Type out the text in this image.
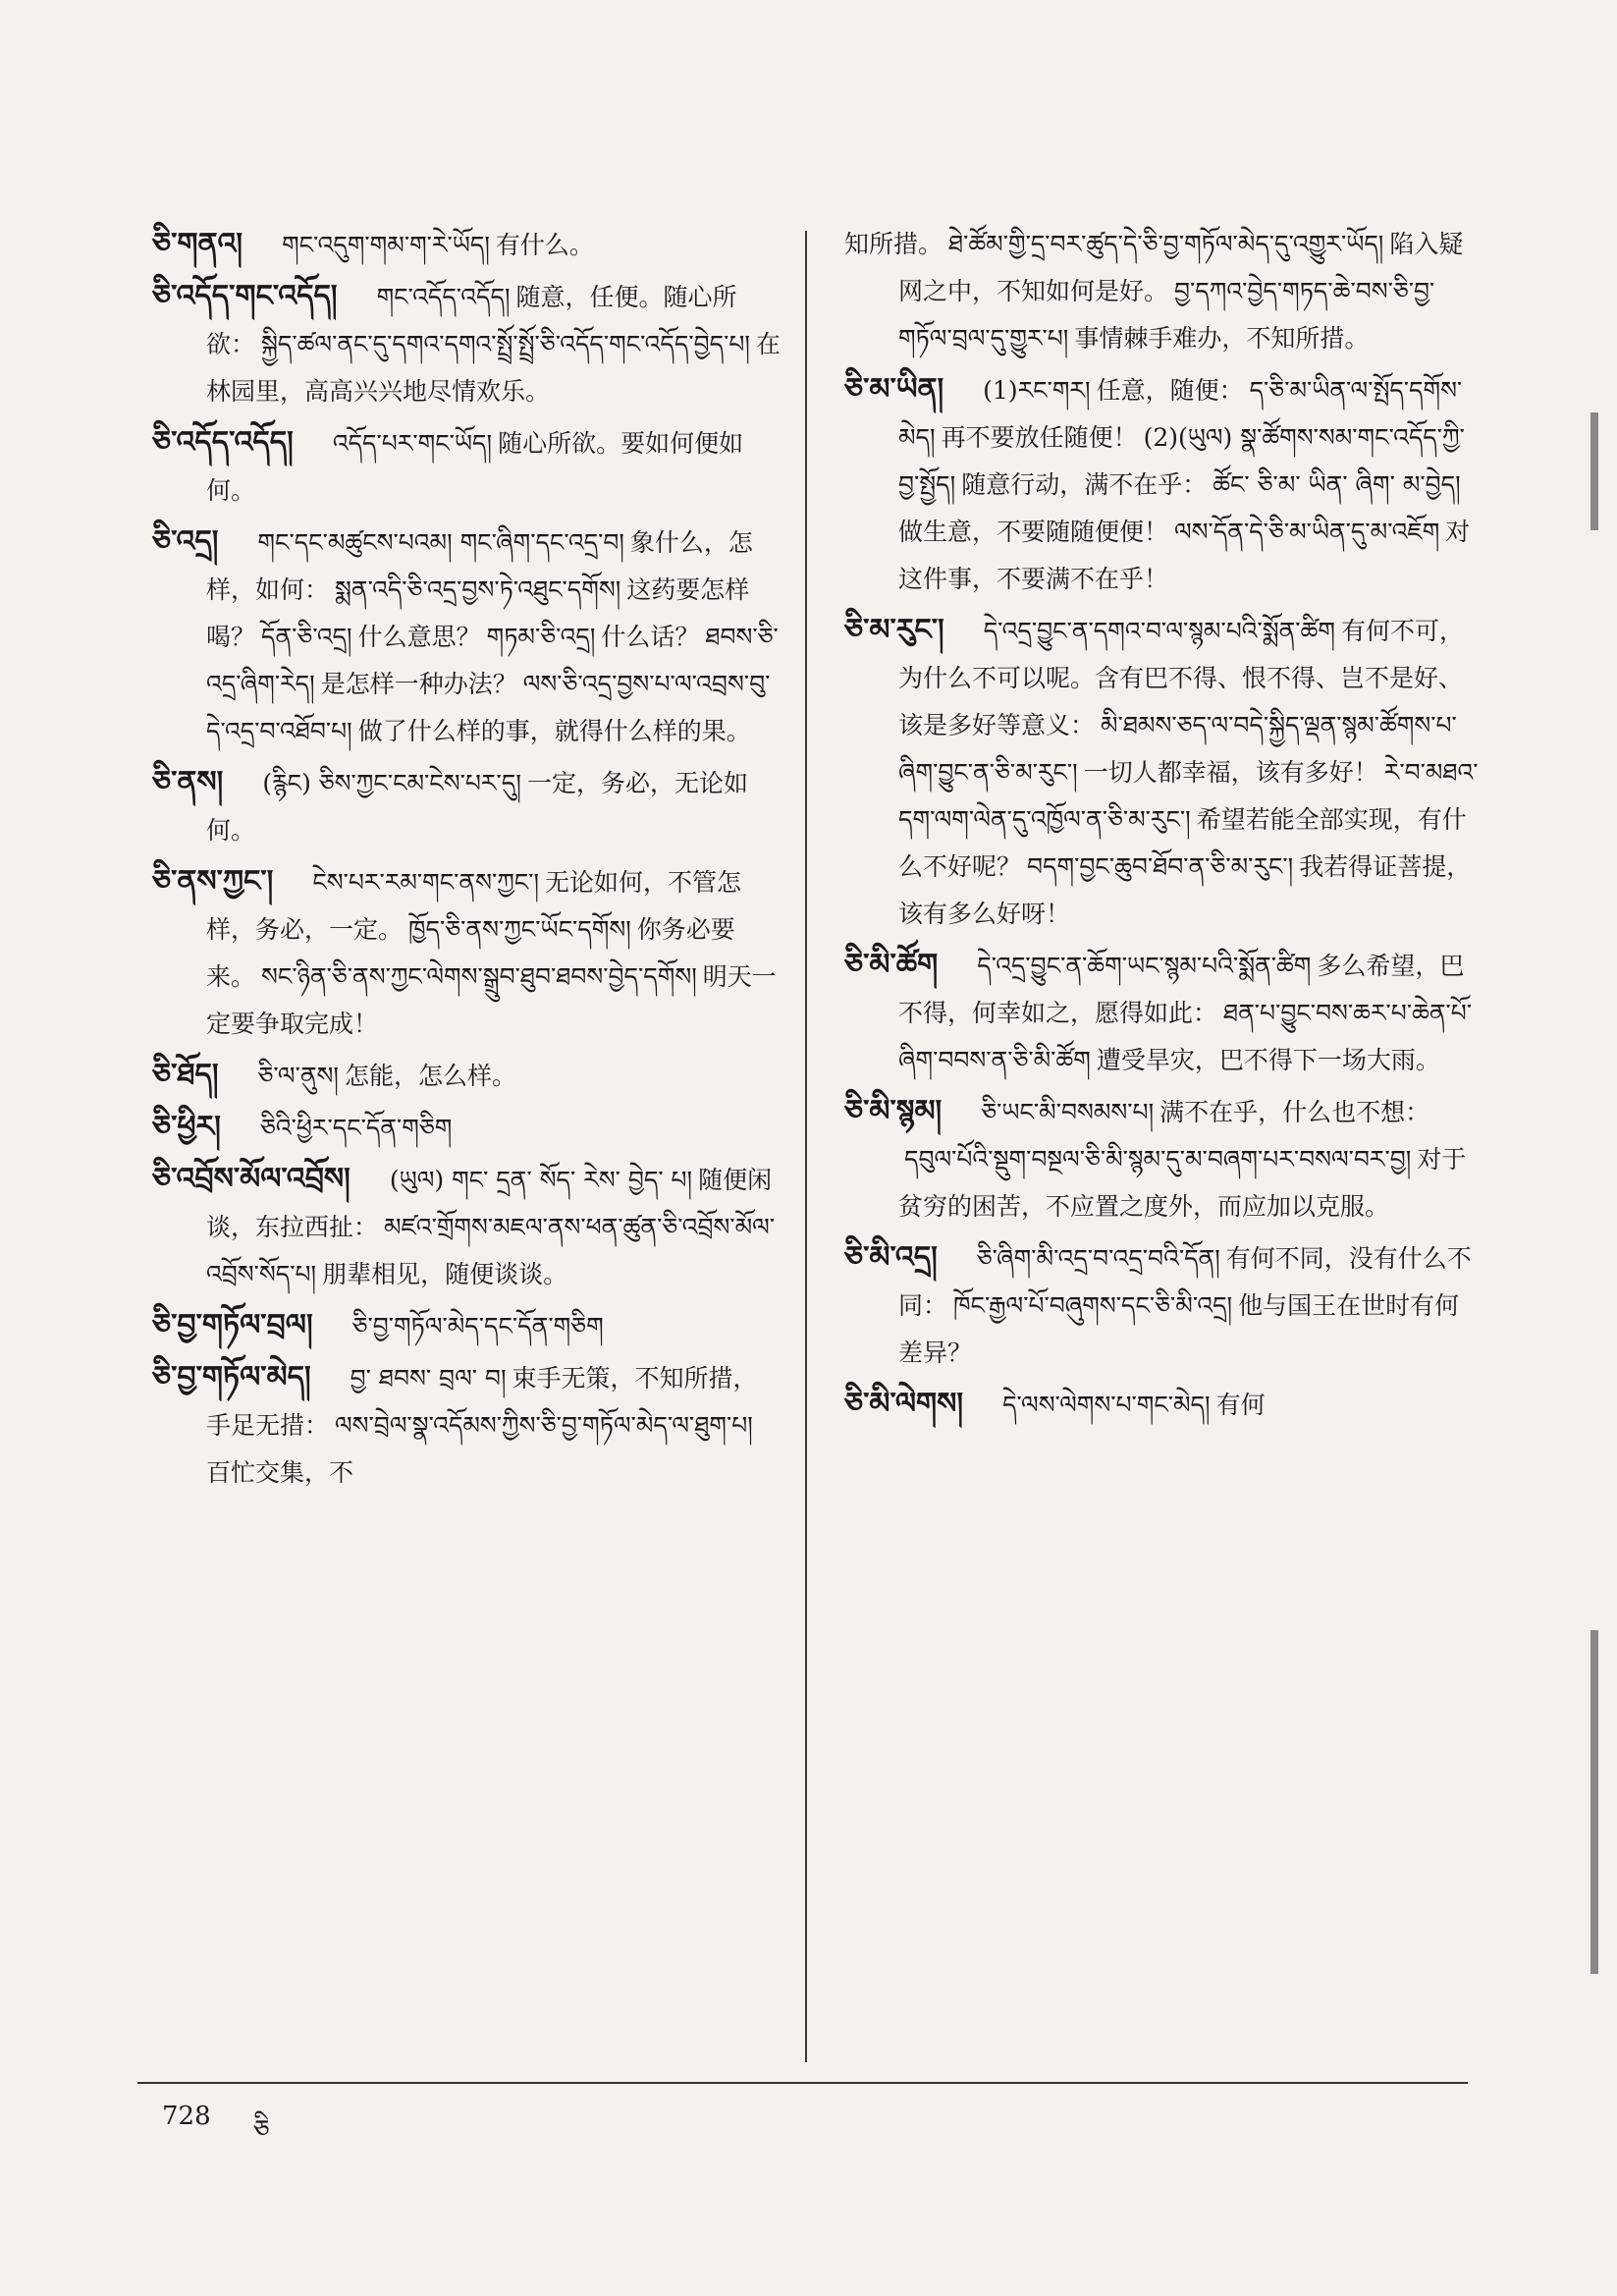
ཅི་གནའ། གང་འདུག་གམ་ག་རེ་ཡོད། 有什么。
ཅི་འདོད་གང་འདོད། གང་འདོད་འདོད། 随意，任便。随心所欲： སྐྱིད་ཚལ་ནང་དུ་དགའ་དགའ་སྤྲོ་སྤྲོ་ཅི་འདོད་གང་འདོད་བྱེད་པ། 在林园里，高高兴兴地尽情欢乐。
ཅི་འདོད་འདོད། འདོད་པར་གང་ཡོད། 随心所欲。要如何便如何。
ཅི་འདྲ། གང་དང་མཚུངས་པའམ། གང་ཞིག་དང་འདྲ་བ། 象什么，怎样，如何： སྨན་འདི་ཅི་འདྲ་བྱས་ཏེ་འཐུང་དགོས། 这药要怎样喝？ དོན་ཅི་འདྲ། 什么意思？ གཏམ་ཅི་འདྲ། 什么话？ ཐབས་ཅི་འདྲ་ཞིག་རེད། 是怎样一种办法？ ལས་ཅི་འདྲ་བྱས་པ་ལ་འབྲས་བུ་དེ་འདྲ་བ་འཐོབ་པ། 做了什么样的事，就得什么样的果。
ཅི་ནས། (རྙིང) ཅིས་ཀྱང་ངམ་ངེས་པར་དུ། 一定，务必，无论如何。
ཅི་ནས་ཀྱང་། ངེས་པར་རམ་གང་ནས་ཀྱང་། 无论如何，不管怎样，务必，一定。 ཁྱོད་ཅི་ནས་ཀྱང་ཡོང་དགོས། 你务必要来。 སང་ཉིན་ཅི་ནས་ཀྱང་ལེགས་སྒྲུབ་ཐུབ་ཐབས་བྱེད་དགོས། 明天一定要争取完成！
ཅི་ཐོད། ཅི་ལ་ནུས། 怎能，怎么样。
ཅི་ཕྱིར། ཅིའི་ཕྱིར་དང་དོན་གཅིག
ཅི་འབྲོས་མོལ་འབྲོས། (ཡུལ) གང་ དྲན་ སོད་ རེས་ བྱེད་ པ། 随便闲谈，东拉西扯： མཛའ་གྲོགས་མཇལ་ནས་ཕན་ཚུན་ཅི་འབྲོས་མོལ་འབྲོས་སོད་པ། 朋辈相见，随便谈谈。
ཅི་བྱ་གཏོལ་བྲལ། ཅི་བྱ་གཏོལ་མེད་དང་དོན་གཅིག
ཅི་བྱ་གཏོལ་མེད། བྱ་ ཐབས་ བྲལ་ བ། 束手无策，不知所措，手足无措： ལས་བྲེལ་སྣ་འདོམས་ཀྱིས་ཅི་བྱ་གཏོལ་མེད་ལ་ཐུག་པ།百忙交集，不
知所措。 ཐེ་ཚོམ་གྱི་དྲ་བར་ཚུད་དེ་ཅི་བྱ་གཏོལ་མེད་དུ་འགྱུར་ཡོད། 陷入疑网之中，不知如何是好。 བྱ་དཀའ་བྱེད་གཏད་ཆེ་བས་ཅི་བྱ་གཏོལ་བྲལ་དུ་གྱུར་པ། 事情棘手难办，不知所措。
ཅི་མ་ཡིན། (1)རང་གར། 任意，随便： ད་ཅི་མ་ཡིན་ལ་སྤོད་དགོས་མེད། 再不要放任随便！ (2)(ཡུལ) སྣ་ཚོགས་སམ་གང་འདོད་ཀྱི་བྱ་སྤྱོད། 随意行动，满不在乎： ཚོང་ ཅི་མ་ ཡིན་ ཞིག་ མ་བྱེད།做生意，不要随随便便！ ལས་དོན་དེ་ཅི་མ་ཡིན་དུ་མ་འཇོག 对这件事，不要满不在乎！
ཅི་མ་རུང་། དེ་འདྲ་བྱུང་ན་དགའ་བ་ལ་སྙམ་པའི་སྨོན་ཚིག 有何不可，为什么不可以呢。含有巴不得、恨不得、岂不是好、该是多好等意义： མི་ཐམས་ཅད་ལ་བདེ་སྐྱིད་ལྡན་སྙམ་ཚོགས་པ་ཞིག་བྱུང་ན་ཅི་མ་རུང་། 一切人都幸福，该有多好！ རེ་བ་མཐའ་དག་ལག་ལེན་དུ་འཁྱོལ་ན་ཅི་མ་རུང་། 希望若能全部实现，有什么不好呢？ བདག་བྱང་ཆུབ་ཐོབ་ན་ཅི་མ་རུང་། 我若得证菩提，该有多么好呀！
ཅི་མི་ཚོག དེ་འདྲ་བྱུང་ན་ཆོག་ཡང་སྙམ་པའི་སྨོན་ཚིག 多么希望，巴不得，何幸如之，愿得如此： ཐན་པ་བྱུང་བས་ཆར་པ་ཆེན་པོ་ཞིག་བབས་ན་ཅི་མི་ཚོག 遭受旱灾，巴不得下一场大雨。
ཅི་མི་སྙམ། ཅི་ཡང་མི་བསམས་པ། 满不在乎，什么也不想：དབུལ་པོའི་སྡུག་བསྔལ་ཅི་མི་སྙམ་དུ་མ་བཞག་པར་བསལ་བར་བྱ། 对于贫穷的困苦，不应置之度外，而应加以克服。
ཅི་མི་འདྲ། ཅི་ཞིག་མི་འདྲ་བ་འདྲ་བའི་དོན། 有何不同，没有什么不同： ཁོང་རྒྱལ་པོ་བཞུགས་དང་ཅི་མི་འདྲ། 他与国王在世时有何差异？
ཅི་མི་ལེགས། དེ་ལས་ལེགས་པ་གང་མེད། 有何
728 ཅི
